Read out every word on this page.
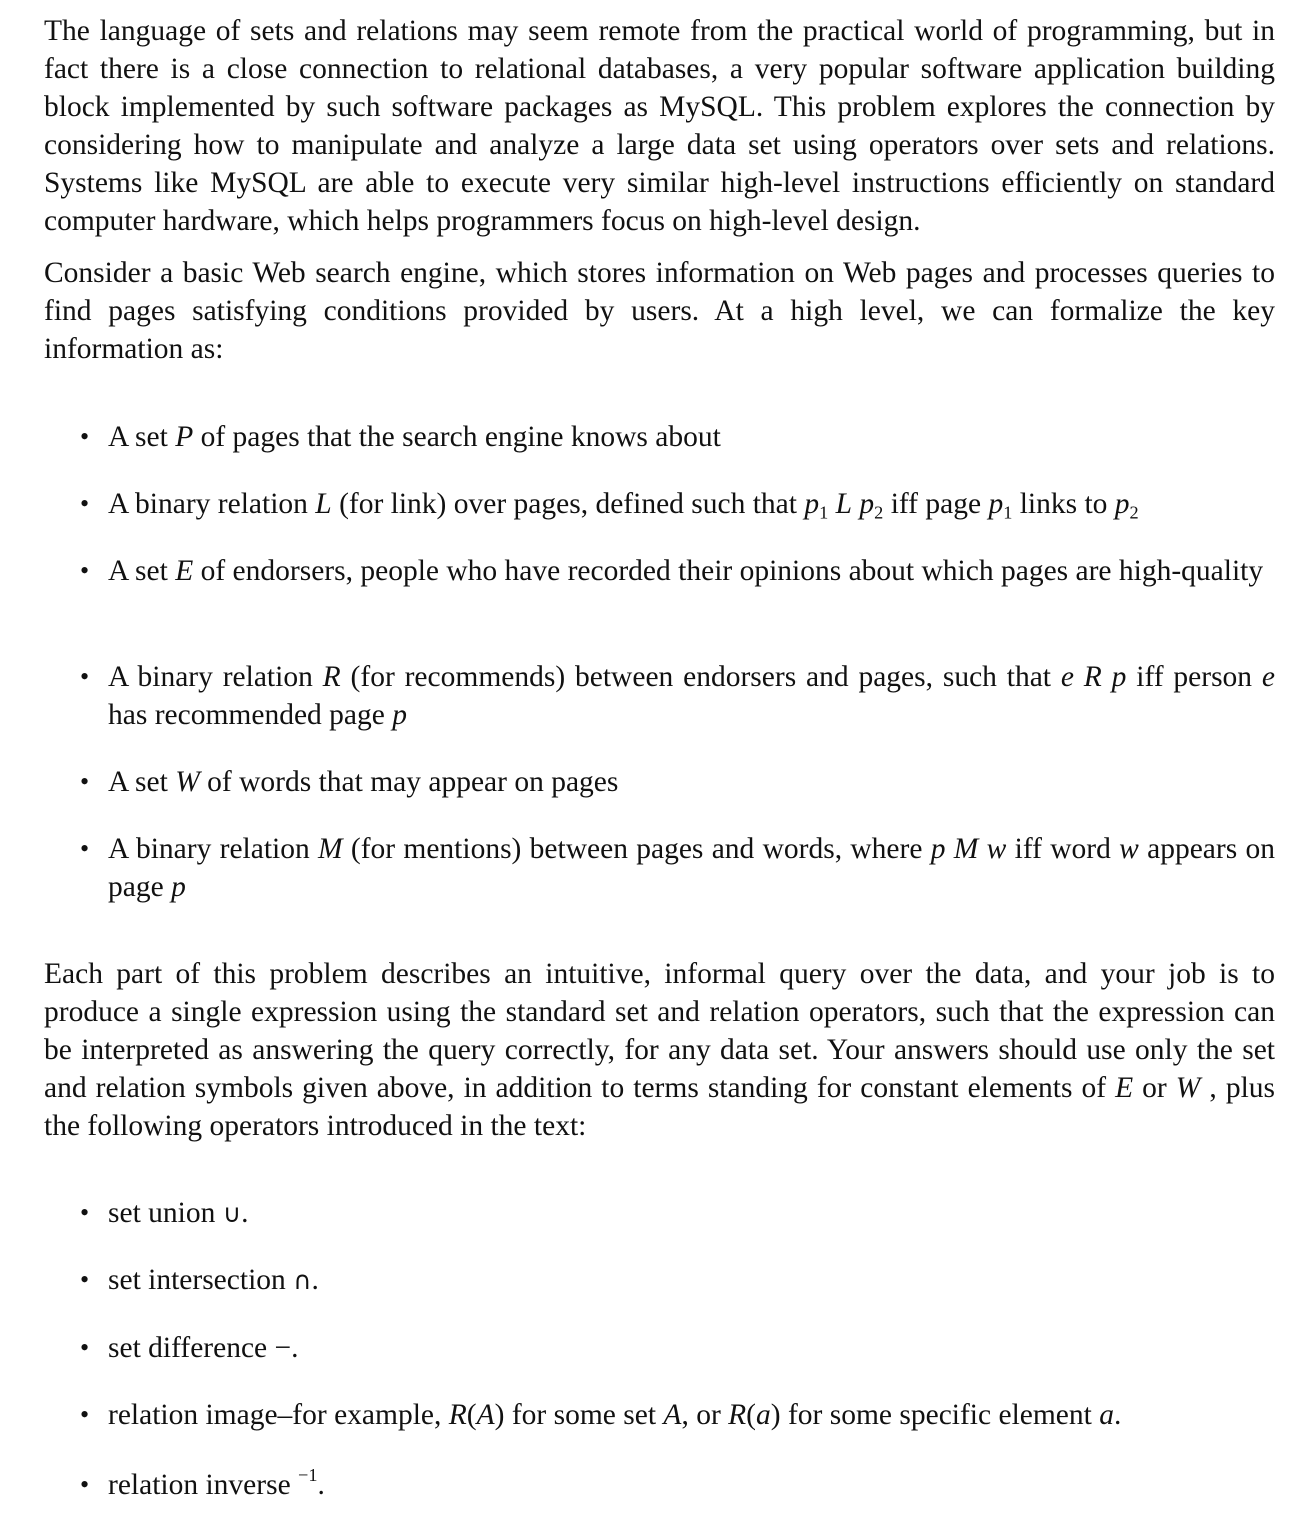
The language of sets and relations may seem remote from the practical world of programming, but in fact there is a close connection to relational databases, a very popular software application building block implemented by such software packages as MySQL. This problem explores the connection by considering how to manipulate and analyze a large data set using operators over sets and relations. Systems like MySQL are able to execute very similar high-level instructions efficiently on standard computer hardware, which helps programmers focus on high-level design.

Consider a basic Web search engine, which stores information on Web pages and processes queries to find pages satisfying conditions provided by users. At a high level, we can formalize the key information as:

• A set P of pages that the search engine knows about
• A binary relation L (for link) over pages, defined such that $p_1$ L $p_2$ iff page $p_1$ links to $p_2$
• A set E of endorsers, people who have recorded their opinions about which pages are high-quality
• A binary relation R (for recommends) between endorsers and pages, such that e R p iff person e has recommended page p
• A set W of words that may appear on pages
• A binary relation M (for mentions) between pages and words, where p M w iff word w appears on page p

Each part of this problem describes an intuitive, informal query over the data, and your job is to produce a single expression using the standard set and relation operators, such that the expression can be interpreted as answering the query correctly, for any data set. Your answers should use only the set and relation symbols given above, in addition to terms standing for constant elements of E or W , plus the following operators introduced in the text:

• set union ∪.
• set intersection ∩.
• set difference −.
• relation image–for example, R(A) for some set A, or R(a) for some specific element a.
• relation inverse $^{-1}$.
